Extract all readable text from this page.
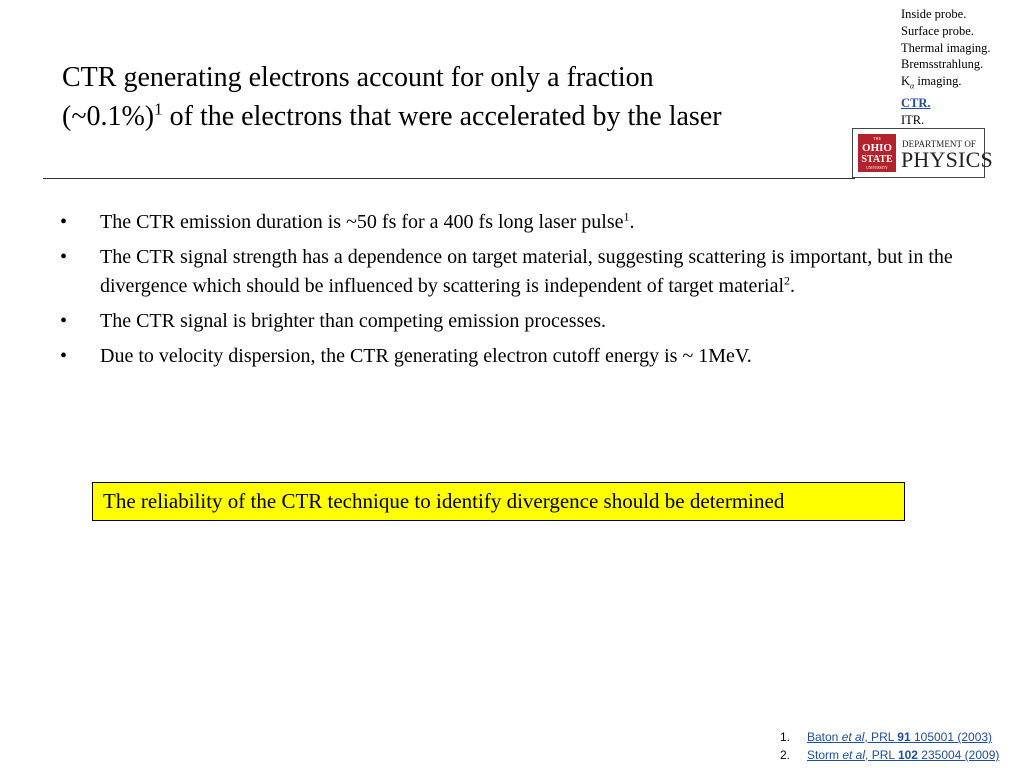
CTR generating electrons account for only a fraction
(~0.1%)$^1$ of the electrons that were accelerated by the laser
Inside probe.
Surface probe.
Thermal imaging.
Bremsstrahlung.
$K_\alpha$ imaging.
CTR.
ITR.
THE
OHIO
STATE
UNIVERSITY
DEPARTMENT OF
PHYSICS
• The CTR emission duration is ~50 fs for a 400 fs long laser pulse$^1$.
• The CTR signal strength has a dependence on target material, suggesting scattering is important, but in the divergence which should be influenced by scattering is independent of target material$^2$.
• The CTR signal is brighter than competing emission processes.
• Due to velocity dispersion, the CTR generating electron cutoff energy is ~ 1MeV.
The reliability of the CTR technique to identify divergence should be determined
1. Baton et al, PRL 91 105001 (2003)
2. Storm et al, PRL 102 235004 (2009)
